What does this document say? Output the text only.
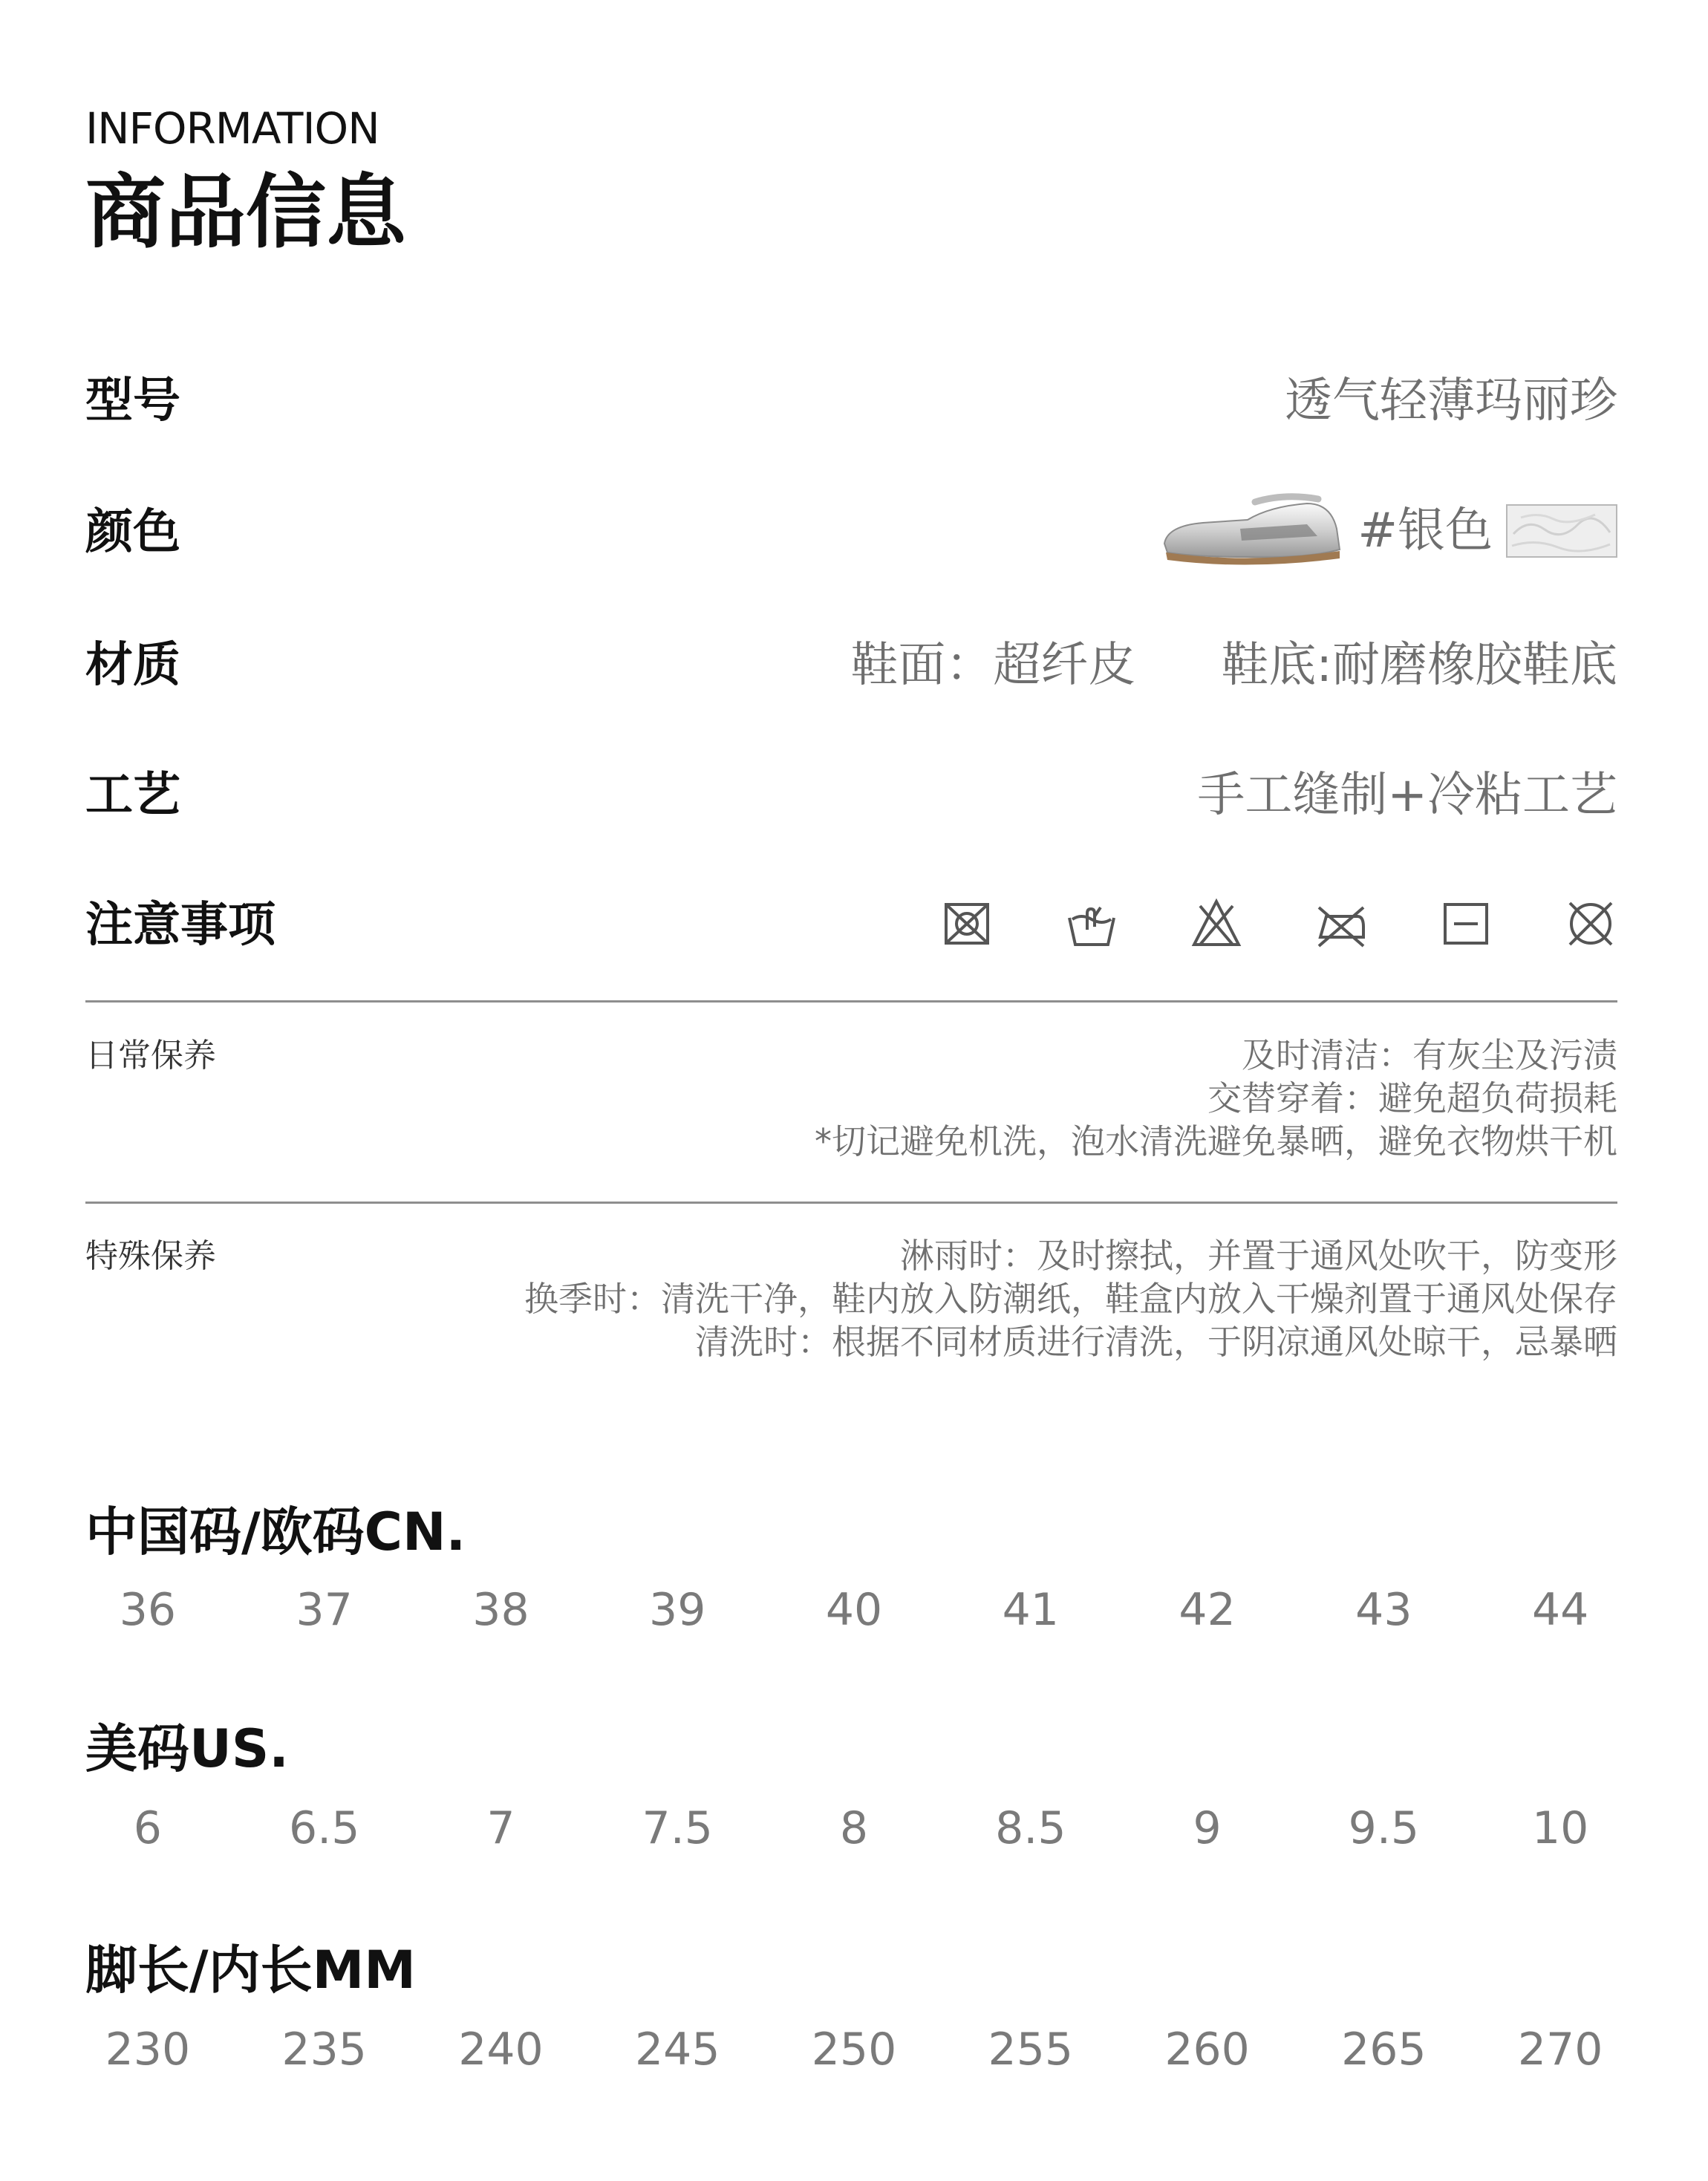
INFORMATION
商品信息
型号	透气轻薄玛丽珍
颜色	#银色
材质	鞋面：超纤皮 鞋底:耐磨橡胶鞋底
工艺	手工缝制+冷粘工艺
注意事项
日常保养	及时清洁：有灰尘及污渍
交替穿着：避免超负荷损耗
*切记避免机洗，泡水清洗避免暴晒，避免衣物烘干机
特殊保养	淋雨时：及时擦拭，并置于通风处吹干，防变形
换季时：清洗干净，鞋内放入防潮纸，鞋盒内放入干燥剂置于通风处保存
清洗时：根据不同材质进行清洗，于阴凉通风处晾干，忌暴晒
中国码/欧码CN.
36	37	38	39	40	41	42	43	44
美码US.
6	6.5	7	7.5	8	8.5	9	9.5	10
脚长/内长MM
230	235	240	245	250	255	260	265	270
